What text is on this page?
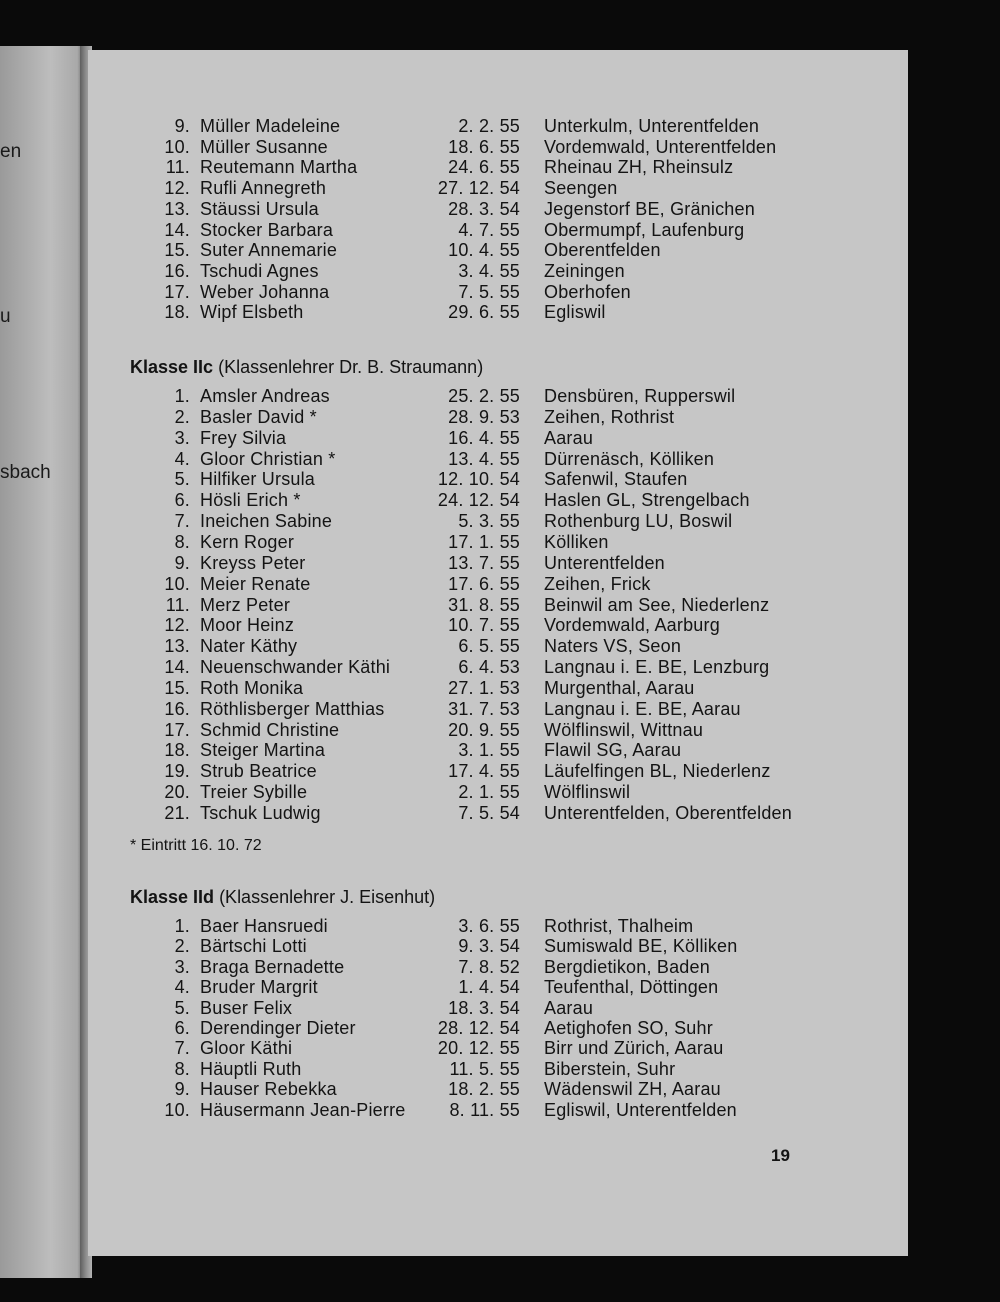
en
u
sbach
9. Müller Madeleine	2. 2. 55 Unterkulm, Unterentfelden
10. Müller Susanne	18. 6. 55 Vordemwald, Unterentfelden
11. Reutemann Martha	24. 6. 55 Rheinau ZH, Rheinsulz
12. Rufli Annegreth	27. 12. 54 Seengen
13. Stäussi Ursula	28. 3. 54 Jegenstorf BE, Gränichen
14. Stocker Barbara	4. 7. 55 Obermumpf, Laufenburg
15. Suter Annemarie	10. 4. 55 Oberentfelden
16. Tschudi Agnes	3. 4. 55 Zeiningen
17. Weber Johanna	7. 5. 55 Oberhofen
18. Wipf Elsbeth	29. 6. 55 Egliswil
Klasse IIc (Klassenlehrer Dr. B. Straumann)
1. Amsler Andreas	25. 2. 55 Densbüren, Rupperswil
2. Basler David *	28. 9. 53 Zeihen, Rothrist
3. Frey Silvia	16. 4. 55 Aarau
4. Gloor Christian *	13. 4. 55 Dürrenäsch, Kölliken
5. Hilfiker Ursula	12. 10. 54 Safenwil, Staufen
6. Hösli Erich *	24. 12. 54 Haslen GL, Strengelbach
7. Ineichen Sabine	5. 3. 55 Rothenburg LU, Boswil
8. Kern Roger	17. 1. 55 Kölliken
9. Kreyss Peter	13. 7. 55 Unterentfelden
10. Meier Renate	17. 6. 55 Zeihen, Frick
11. Merz Peter	31. 8. 55 Beinwil am See, Niederlenz
12. Moor Heinz	10. 7. 55 Vordemwald, Aarburg
13. Nater Käthy	6. 5. 55 Naters VS, Seon
14. Neuenschwander Käthi	6. 4. 53 Langnau i. E. BE, Lenzburg
15. Roth Monika	27. 1. 53 Murgenthal, Aarau
16. Röthlisberger Matthias	31. 7. 53 Langnau i. E. BE, Aarau
17. Schmid Christine	20. 9. 55 Wölflinswil, Wittnau
18. Steiger Martina	3. 1. 55 Flawil SG, Aarau
19. Strub Beatrice	17. 4. 55 Läufelfingen BL, Niederlenz
20. Treier Sybille	2. 1. 55 Wölflinswil
21. Tschuk Ludwig	7. 5. 54 Unterentfelden, Oberentfelden
* Eintritt 16. 10. 72
Klasse IId (Klassenlehrer J. Eisenhut)
1. Baer Hansruedi	3. 6. 55 Rothrist, Thalheim
2. Bärtschi Lotti	9. 3. 54 Sumiswald BE, Kölliken
3. Braga Bernadette	7. 8. 52 Bergdietikon, Baden
4. Bruder Margrit	1. 4. 54 Teufenthal, Döttingen
5. Buser Felix	18. 3. 54 Aarau
6. Derendinger Dieter	28. 12. 54 Aetighofen SO, Suhr
7. Gloor Käthi	20. 12. 55 Birr und Zürich, Aarau
8. Häuptli Ruth	11. 5. 55 Biberstein, Suhr
9. Hauser Rebekka	18. 2. 55 Wädenswil ZH, Aarau
10. Häusermann Jean-Pierre	8. 11. 55 Egliswil, Unterentfelden
19
